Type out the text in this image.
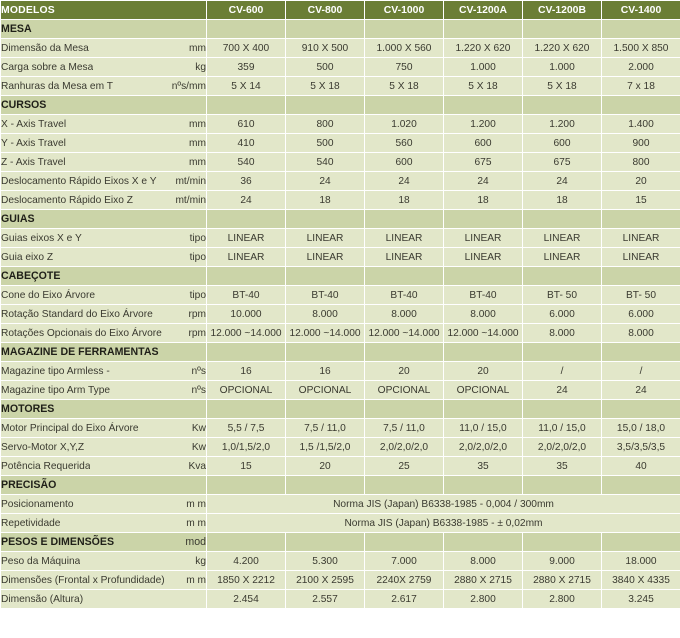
MODELOS	CV-600	CV-800	CV-1000	CV-1200A	CV-1200B	CV-1400

MESA						

Dimensão da Mesa mm	700 X 400	910 X 500	1.000 X 560	1.220 X 620	1.220 X 620	1.500 X 850

Carga sobre a Mesa kg	359	500	750	1.000	1.000	2.000

Ranhuras da Mesa em T nºs/mm	5 X 14	5 X 18	5 X 18	5 X 18	5 X 18	7 x 18

CURSOS						

X - Axis Travel mm	610	800	1.020	1.200	1.200	1.400

Y - Axis Travel mm	410	500	560	600	600	900

Z - Axis Travel mm	540	540	600	675	675	800

Deslocamento Rápido Eixos X e Y mt/min	36	24	24	24	24	20

Deslocamento Rápido Eixo Z mt/min	24	18	18	18	18	15

GUIAS						

Guias eixos X e Y tipo	LINEAR	LINEAR	LINEAR	LINEAR	LINEAR	LINEAR

Guia eixo Z tipo	LINEAR	LINEAR	LINEAR	LINEAR	LINEAR	LINEAR

CABEÇOTE						

Cone do Eixo Árvore tipo	BT-40	BT-40	BT-40	BT-40	BT- 50	BT- 50

Rotação Standard do Eixo Árvore rpm	10.000	8.000	8.000	8.000	6.000	6.000

Rotações Opcionais do Eixo Árvore rpm	12.000 ~14.000	12.000 ~14.000	12.000 ~14.000	12.000 ~14.000	8.000	8.000

MAGAZINE DE FERRAMENTAS						

Magazine tipo Armless - nºs	16	16	20	20	/	/

Magazine tipo Arm Type nºs	OPCIONAL	OPCIONAL	OPCIONAL	OPCIONAL	24	24

MOTORES						

Motor Principal do Eixo Árvore Kw	5,5 / 7,5	7,5 / 11,0	7,5 / 11,0	11,0 / 15,0	11,0 / 15,0	15,0 / 18,0

Servo-Motor X,Y,Z Kw	1,0/1,5/2,0	1,5 /1,5/2,0	2,0/2,0/2,0	2,0/2,0/2,0	2,0/2,0/2,0	3,5/3,5/3,5

Potência Requerida Kva	15	20	25	35	35	40

PRECISÃO						

Posicionamento m m	Norma JIS (Japan) B6338-1985 - 0,004 / 300mm					

Repetividade m m	Norma JIS (Japan) B6338-1985 - ± 0,02mm					

PESOS E DIMENSÕES mod						

Peso da Máquina kg	4.200	5.300	7.000	8.000	9.000	18.000

Dimensões (Frontal x Profundidade) m m	1850 X 2212	2100 X 2595	2240X 2759	2880 X 2715	2880 X 2715	3840 X 4335

Dimensão (Altura)	2.454	2.557	2.617	2.800	2.800	3.245
